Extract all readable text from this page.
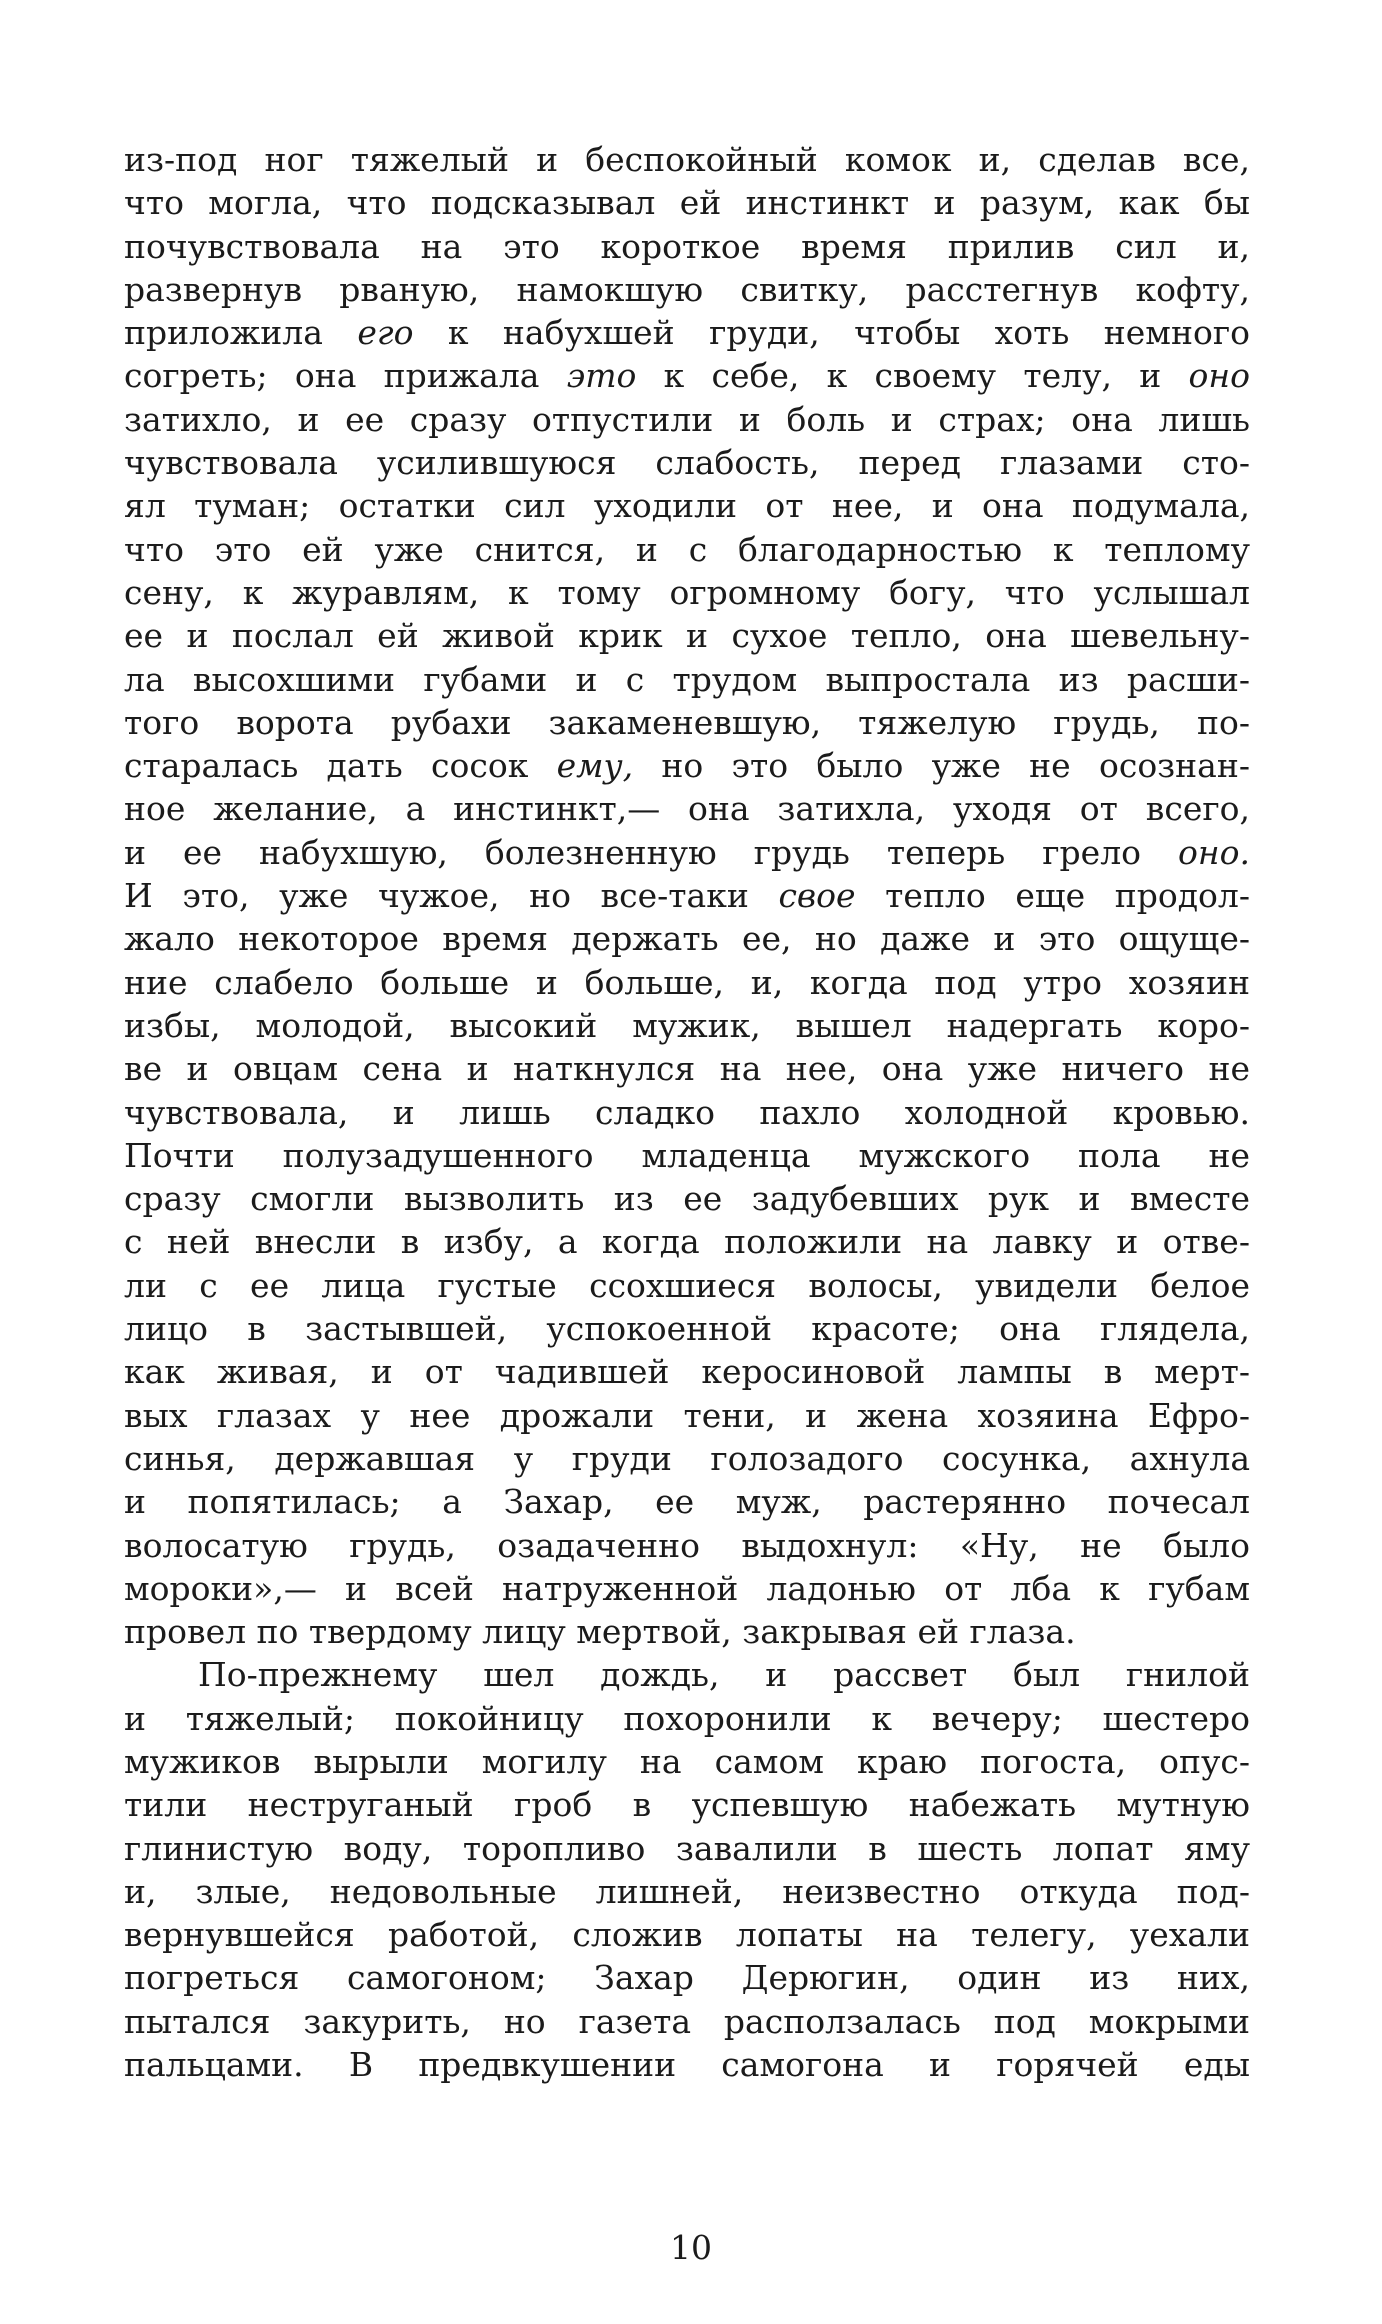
из-под ног тяжелый и беспокойный комок и, сделав все,
что могла, что подсказывал ей инстинкт и разум, как бы
почувствовала на это короткое время прилив сил и,
развернув рваную, намокшую свитку, расстегнув кофту,
приложила его к набухшей груди, чтобы хоть немного
согреть; она прижала это к себе, к своему телу, и оно
затихло, и ее сразу отпустили и боль и страх; она лишь
чувствовала усилившуюся слабость, перед глазами сто-
ял туман; остатки сил уходили от нее, и она подумала,
что это ей уже снится, и с благодарностью к теплому
сену, к журавлям, к тому огромному богу, что услышал
ее и послал ей живой крик и сухое тепло, она шевельну-
ла высохшими губами и с трудом выпростала из расши-
того ворота рубахи закаменевшую, тяжелую грудь, по-
старалась дать сосок ему, но это было уже не осознан-
ное желание, а инстинкт,— она затихла, уходя от всего,
и ее набухшую, болезненную грудь теперь грело оно.
И это, уже чужое, но все-таки свое тепло еще продол-
жало некоторое время держать ее, но даже и это ощуще-
ние слабело больше и больше, и, когда под утро хозяин
избы, молодой, высокий мужик, вышел надергать коро-
ве и овцам сена и наткнулся на нее, она уже ничего не
чувствовала, и лишь сладко пахло холодной кровью.
Почти полузадушенного младенца мужского пола не
сразу смогли вызволить из ее задубевших рук и вместе
с ней внесли в избу, а когда положили на лавку и отве-
ли с ее лица густые ссохшиеся волосы, увидели белое
лицо в застывшей, успокоенной красоте; она глядела,
как живая, и от чадившей керосиновой лампы в мерт-
вых глазах у нее дрожали тени, и жена хозяина Ефро-
синья, державшая у груди голозадого сосунка, ахнула
и попятилась; а Захар, ее муж, растерянно почесал
волосатую грудь, озадаченно выдохнул: «Ну, не было
мороки»,— и всей натруженной ладонью от лба к губам
провел по твердому лицу мертвой, закрывая ей глаза.
По-прежнему шел дождь, и рассвет был гнилой
и тяжелый; покойницу похоронили к вечеру; шестеро
мужиков вырыли могилу на самом краю погоста, опус-
тили неструганый гроб в успевшую набежать мутную
глинистую воду, торопливо завалили в шесть лопат яму
и, злые, недовольные лишней, неизвестно откуда под-
вернувшейся работой, сложив лопаты на телегу, уехали
погреться самогоном; Захар Дерюгин, один из них,
пытался закурить, но газета расползалась под мокрыми
пальцами. В предвкушении самогона и горячей еды
10
